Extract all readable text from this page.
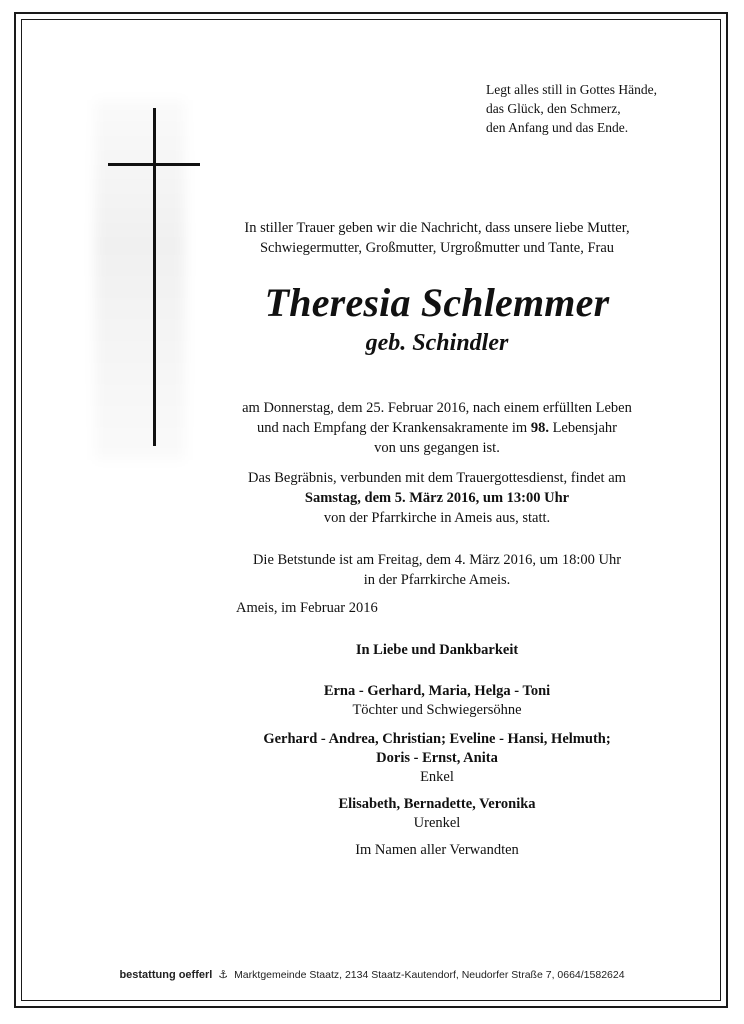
Legt alles still in Gottes Hände,
das Glück, den Schmerz,
den Anfang und das Ende.
In stiller Trauer geben wir die Nachricht, dass unsere liebe Mutter,
Schwiegermutter, Großmutter, Urgroßmutter und Tante, Frau
Theresia Schlemmer
geb. Schindler
am Donnerstag, dem 25. Februar 2016, nach einem erfüllten Leben
und nach Empfang der Krankensakramente im 98. Lebensjahr
von uns gegangen ist.
Das Begräbnis, verbunden mit dem Trauergottesdienst, findet am
Samstag, dem 5. März 2016, um 13:00 Uhr
von der Pfarrkirche in Ameis aus, statt.
Die Betstunde ist am Freitag, dem 4. März 2016, um 18:00 Uhr
in der Pfarrkirche Ameis.
Ameis, im Februar 2016
In Liebe und Dankbarkeit
Erna - Gerhard, Maria, Helga - Toni
Töchter und Schwiegersöhne
Gerhard - Andrea, Christian; Eveline - Hansi, Helmuth;
Doris - Ernst, Anita
Enkel
Elisabeth, Bernadette, Veronika
Urenkel
Im Namen aller Verwandten
bestattung oefferl ⚓︎ Marktgemeinde Staatz, 2134 Staatz-Kautendorf, Neudorfer Straße 7, 0664/1582624
